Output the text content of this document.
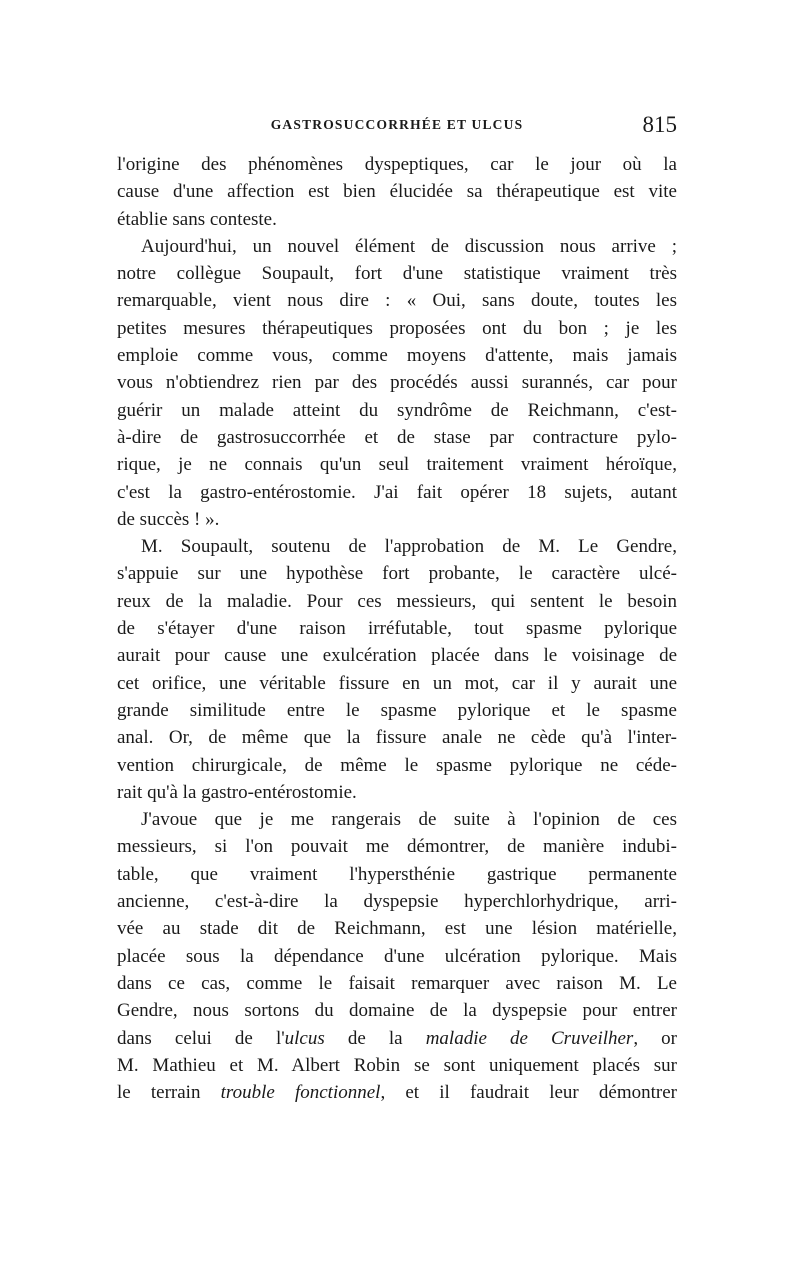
GASTROSUCCORRHÉE ET ULCUS	815

l'origine des phénomènes dyspeptiques, car le jour où la
cause d'une affection est bien élucidée sa thérapeutique est vite
établie sans conteste.

Aujourd'hui, un nouvel élément de discussion nous arrive ;
notre collègue Soupault, fort d'une statistique vraiment très
remarquable, vient nous dire : « Oui, sans doute, toutes les
petites mesures thérapeutiques proposées ont du bon ; je les
emploie comme vous, comme moyens d'attente, mais jamais
vous n'obtiendrez rien par des procédés aussi surannés, car pour
guérir un malade atteint du syndrôme de Reichmann, c'est-
à-dire de gastrosuccorrhée et de stase par contracture pylo-
rique, je ne connais qu'un seul traitement vraiment héroïque,
c'est la gastro-entérostomie. J'ai fait opérer 18 sujets, autant
de succès ! ».

M. Soupault, soutenu de l'approbation de M. Le Gendre,
s'appuie sur une hypothèse fort probante, le caractère ulcé-
reux de la maladie. Pour ces messieurs, qui sentent le besoin
de s'étayer d'une raison irréfutable, tout spasme pylorique
aurait pour cause une exulcération placée dans le voisinage de
cet orifice, une véritable fissure en un mot, car il y aurait une
grande similitude entre le spasme pylorique et le spasme
anal. Or, de même que la fissure anale ne cède qu'à l'inter-
vention chirurgicale, de même le spasme pylorique ne céde-
rait qu'à la gastro-entérostomie.

J'avoue que je me rangerais de suite à l'opinion de ces
messieurs, si l'on pouvait me démontrer, de manière indubi-
table, que vraiment l'hypersthénie gastrique permanente
ancienne, c'est-à-dire la dyspepsie hyperchlorhydrique, arri-
vée au stade dit de Reichmann, est une lésion matérielle,
placée sous la dépendance d'une ulcération pylorique. Mais
dans ce cas, comme le faisait remarquer avec raison M. Le
Gendre, nous sortons du domaine de la dyspepsie pour entrer
dans celui de l'ulcus de la maladie de Cruveilher, or
M. Mathieu et M. Albert Robin se sont uniquement placés sur
le terrain trouble fonctionnel, et il faudrait leur démontrer
